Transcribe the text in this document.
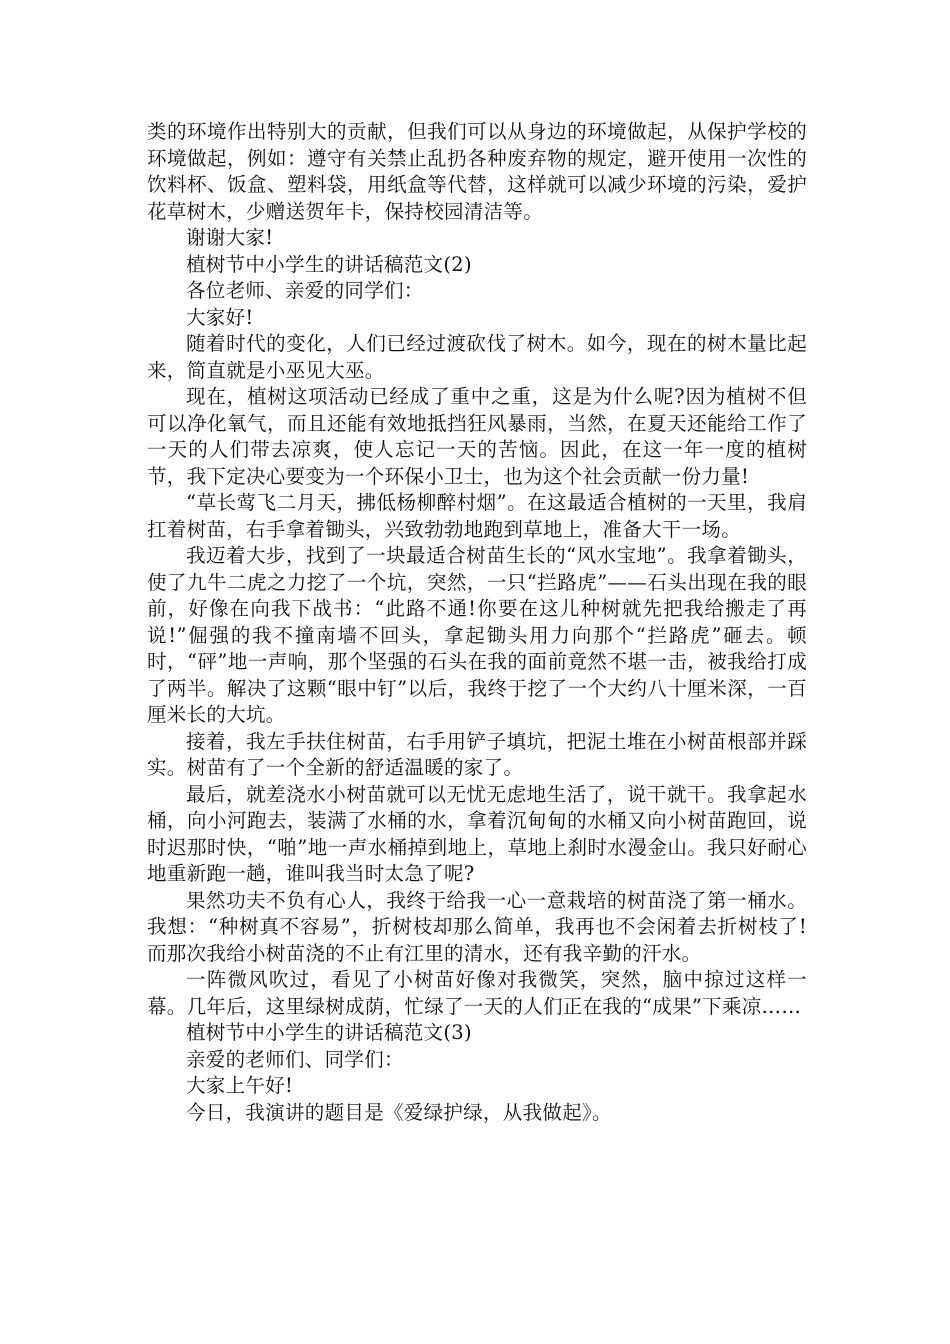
类的环境作出特别大的贡献，但我们可以从身边的环境做起，从保护学校的环境做起，例如：遵守有关禁止乱扔各种废弃物的规定，避开使用一次性的饮料杯、饭盒、塑料袋，用纸盒等代替，这样就可以减少环境的污染，爱护花草树木，少赠送贺年卡，保持校园清洁等。

谢谢大家!

植树节中小学生的讲话稿范文(2)

各位老师、亲爱的同学们：

大家好!

随着时代的变化，人们已经过渡砍伐了树木。如今，现在的树木量比起来，简直就是小巫见大巫。

现在，植树这项活动已经成了重中之重，这是为什么呢?因为植树不但可以净化氧气，而且还能有效地抵挡狂风暴雨，当然，在夏天还能给工作了一天的人们带去凉爽，使人忘记一天的苦恼。因此，在这一年一度的植树节，我下定决心要变为一个环保小卫士，也为这个社会贡献一份力量!

“草长莺飞二月天，拂低杨柳醉村烟”。在这最适合植树的一天里，我肩扛着树苗，右手拿着锄头，兴致勃勃地跑到草地上，准备大干一场。

我迈着大步，找到了一块最适合树苗生长的“风水宝地”。我拿着锄头，使了九牛二虎之力挖了一个坑，突然，一只“拦路虎”——石头出现在我的眼前，好像在向我下战书：“此路不通!你要在这儿种树就先把我给搬走了再说!”倔强的我不撞南墙不回头，拿起锄头用力向那个“拦路虎”砸去。顿时，“砰”地一声响，那个坚强的石头在我的面前竟然不堪一击，被我给打成了两半。解决了这颗“眼中钉”以后，我终于挖了一个大约八十厘米深，一百厘米长的大坑。

接着，我左手扶住树苗，右手用铲子填坑，把泥土堆在小树苗根部并踩实。树苗有了一个全新的舒适温暖的家了。

最后，就差浇水小树苗就可以无忧无虑地生活了，说干就干。我拿起水桶，向小河跑去，装满了水桶的水，拿着沉甸甸的水桶又向小树苗跑回，说时迟那时快，“啪”地一声水桶掉到地上，草地上刹时水漫金山。我只好耐心地重新跑一趟，谁叫我当时太急了呢?

果然功夫不负有心人，我终于给我一心一意栽培的树苗浇了第一桶水。我想：“种树真不容易”，折树枝却那么简单，我再也不会闲着去折树枝了!而那次我给小树苗浇的不止有江里的清水，还有我辛勤的汗水。

一阵微风吹过，看见了小树苗好像对我微笑，突然，脑中掠过这样一幕。几年后，这里绿树成荫，忙绿了一天的人们正在我的“成果”下乘凉……

植树节中小学生的讲话稿范文(3)

亲爱的老师们、同学们：

大家上午好!

今日，我演讲的题目是《爱绿护绿，从我做起》。
